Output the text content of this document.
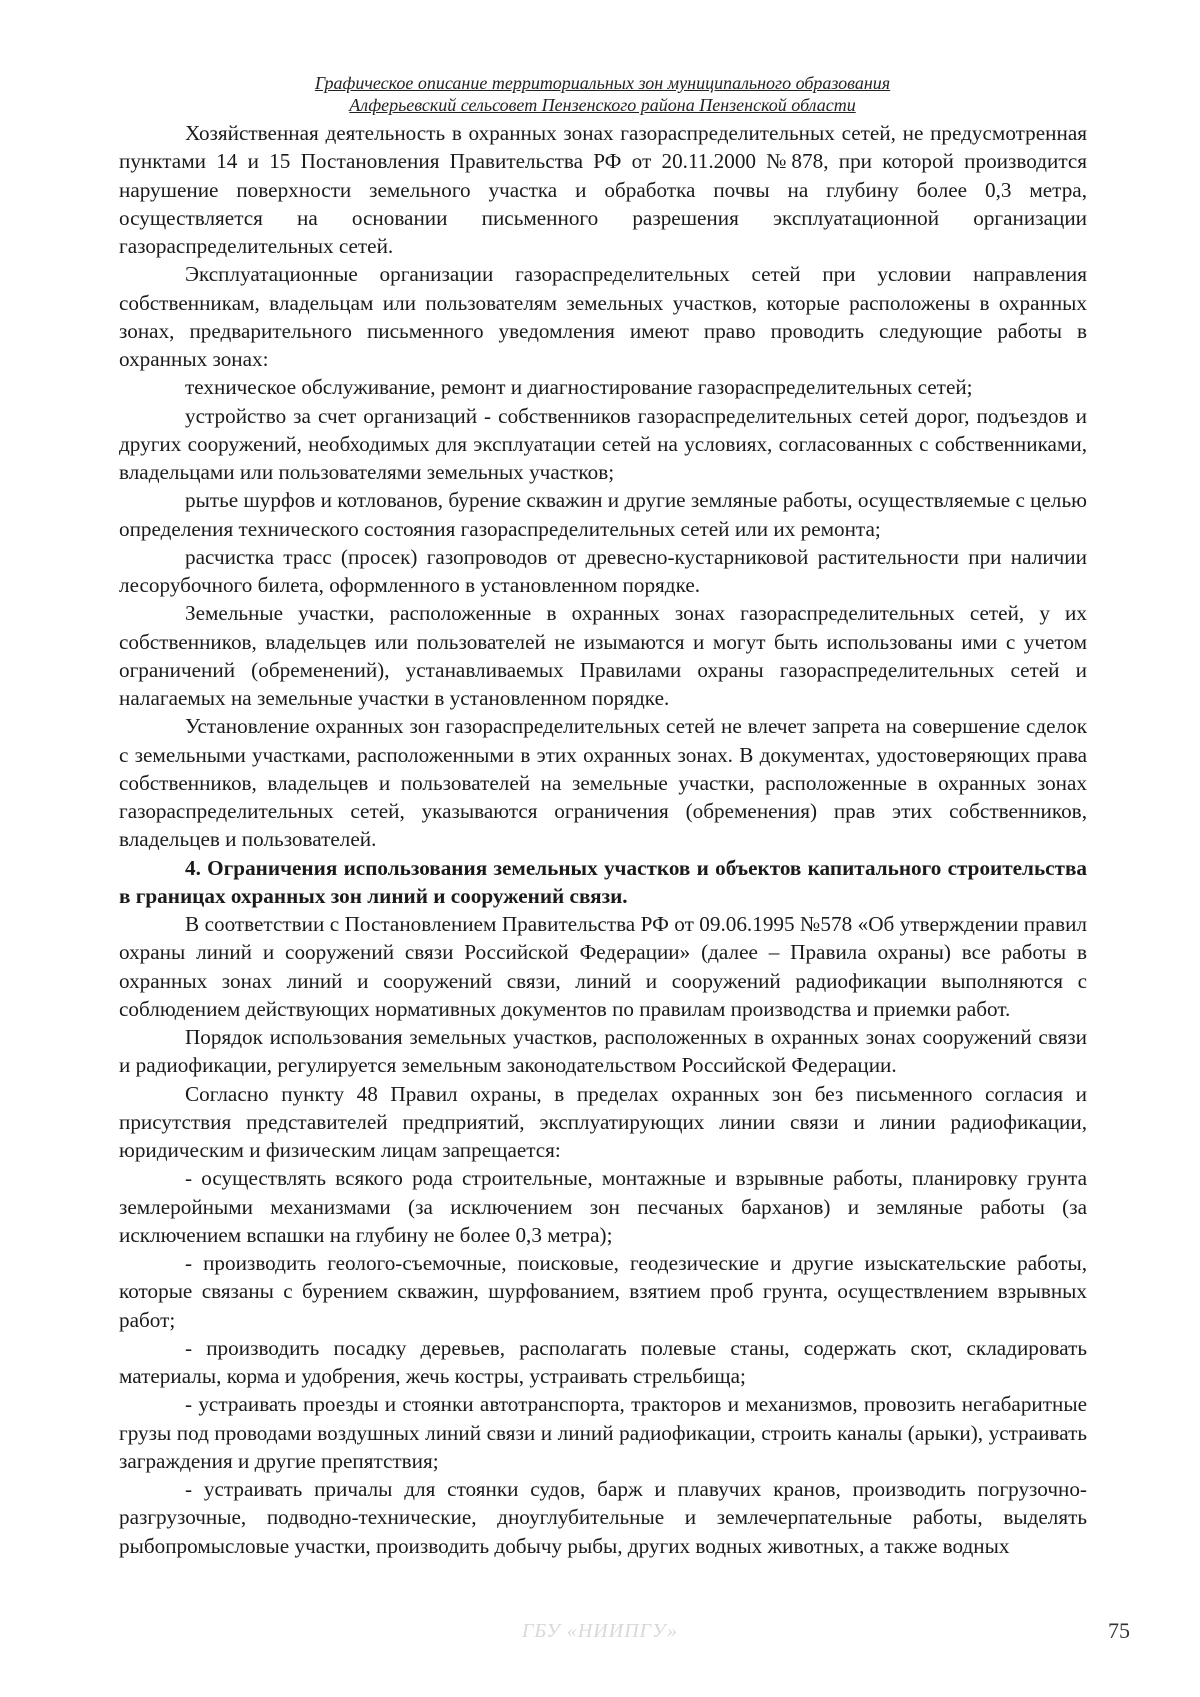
Графическое описание территориальных зон муниципального образования
Алферьевский сельсовет Пензенского района Пензенской области

Хозяйственная деятельность в охранных зонах газораспределительных сетей, не предусмотренная пунктами 14 и 15 Постановления Правительства РФ от 20.11.2000 №878, при которой производится нарушение поверхности земельного участка и обработка почвы на глубину более 0,3 метра, осуществляется на основании письменного разрешения эксплуатационной организации газораспределительных сетей.

Эксплуатационные организации газораспределительных сетей при условии направления собственникам, владельцам или пользователям земельных участков, которые расположены в охранных зонах, предварительного письменного уведомления имеют право проводить следующие работы в охранных зонах:

техническое обслуживание, ремонт и диагностирование газораспределительных сетей;

устройство за счет организаций - собственников газораспределительных сетей дорог, подъездов и других сооружений, необходимых для эксплуатации сетей на условиях, согласованных с собственниками, владельцами или пользователями земельных участков;

рытье шурфов и котлованов, бурение скважин и другие земляные работы, осуществляемые с целью определения технического состояния газораспределительных сетей или их ремонта;

расчистка трасс (просек) газопроводов от древесно-кустарниковой растительности при наличии лесорубочного билета, оформленного в установленном порядке.

Земельные участки, расположенные в охранных зонах газораспределительных сетей, у их собственников, владельцев или пользователей не изымаются и могут быть использованы ими с учетом ограничений (обременений), устанавливаемых Правилами охраны газораспределительных сетей и налагаемых на земельные участки в установленном порядке.

Установление охранных зон газораспределительных сетей не влечет запрета на совершение сделок с земельными участками, расположенными в этих охранных зонах. В документах, удостоверяющих права собственников, владельцев и пользователей на земельные участки, расположенные в охранных зонах газораспределительных сетей, указываются ограничения (обременения) прав этих собственников, владельцев и пользователей.

4. Ограничения использования земельных участков и объектов капитального строительства в границах охранных зон линий и сооружений связи.

В соответствии с Постановлением Правительства РФ от 09.06.1995 №578 «Об утверждении правил охраны линий и сооружений связи Российской Федерации» (далее – Правила охраны) все работы в охранных зонах линий и сооружений связи, линий и сооружений радиофикации выполняются с соблюдением действующих нормативных документов по правилам производства и приемки работ.

Порядок использования земельных участков, расположенных в охранных зонах сооружений связи и радиофикации, регулируется земельным законодательством Российской Федерации.

Согласно пункту 48 Правил охраны, в пределах охранных зон без письменного согласия и присутствия представителей предприятий, эксплуатирующих линии связи и линии радиофикации, юридическим и физическим лицам запрещается:

- осуществлять всякого рода строительные, монтажные и взрывные работы, планировку грунта землеройными механизмами (за исключением зон песчаных барханов) и земляные работы (за исключением вспашки на глубину не более 0,3 метра);

- производить геолого-съемочные, поисковые, геодезические и другие изыскательские работы, которые связаны с бурением скважин, шурфованием, взятием проб грунта, осуществлением взрывных работ;

- производить посадку деревьев, располагать полевые станы, содержать скот, складировать материалы, корма и удобрения, жечь костры, устраивать стрельбища;

- устраивать проезды и стоянки автотранспорта, тракторов и механизмов, провозить негабаритные грузы под проводами воздушных линий связи и линий радиофикации, строить каналы (арыки), устраивать заграждения и другие препятствия;

- устраивать причалы для стоянки судов, барж и плавучих кранов, производить погрузочно-разгрузочные, подводно-технические, дноуглубительные и землечерпательные работы, выделять рыбопромысловые участки, производить добычу рыбы, других водных животных, а также водных

ГБУ «НИИПГУ»	75
